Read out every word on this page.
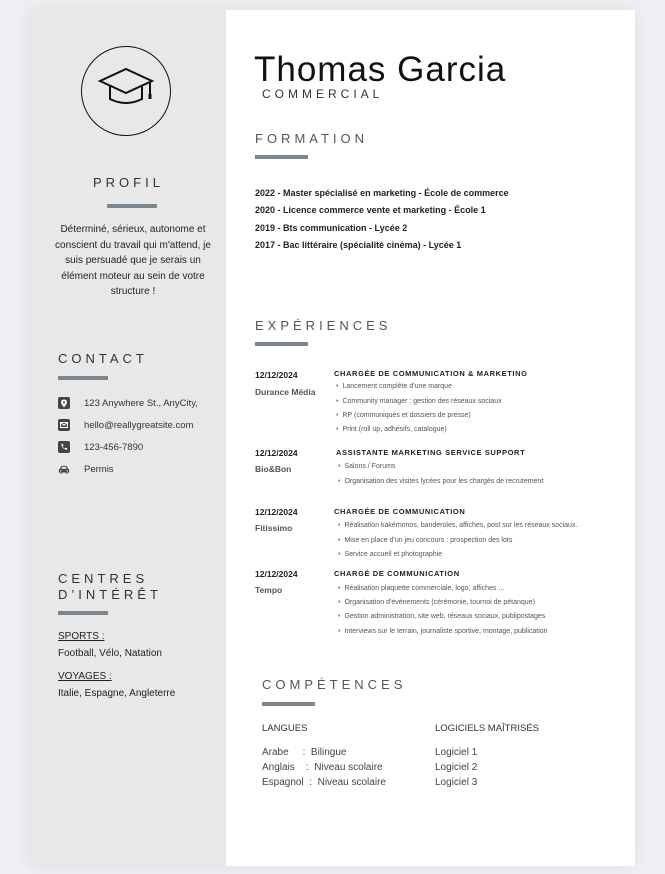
PROFIL
Déterminé, sérieux, autonome et conscient du travail qui m'attend, je suis persuadé que je serais un élément moteur au sein de votre structure !
CONTACT
123 Anywhere St., AnyCity,
hello@reallygreatsite.com
123-456-7890
Permis
CENTRES
D’INTÉRÊT
SPORTS :
Football, Vélo, Natation
VOYAGES :
Italie, Espagne, Angleterre
Thomas Garcia
COMMERCIAL
FORMATION
2022 - Master spécialisé en marketing - École de commerce
2020 - Licence commerce vente et marketing - École 1
2019 - Bts communication - Lycée 2
2017 - Bac littéraire (spécialité cinéma) - Lycée 1
EXPÉRIENCES
12/12/2024
Durance Média
CHARGÉE DE COMMUNICATION & MARKETING
• Lancement complète d'une marque
• Community manager : gestion des réseaux sociaux
• RP (communiqués et dossiers de presse)
• Print (roll up, adhésifs, catalogue)
12/12/2024
Bio&Bon
ASSISTANTE MARKETING SERVICE SUPPORT
• Salons / Forums
• Organisation des visites lycées pour les chargés de recrutement
12/12/2024
Fitissimo
CHARGÉE DE COMMUNICATION
• Réalisation kakémonos, banderoles, affiches, post sur les réseaux sociaux.
• Mise en place d'un jeu concours : prospection des lots
• Service accueil et photographie
12/12/2024
Tempo
CHARGÉ DE COMMUNICATION
• Réalisation plaquette commerciale, logo, affiches ...
• Organisation d'événements (cérémonie, tournoi de pétanque)
• Gestion administration, site web, réseaux sociaux, publipostages
• Interviews sur le terrain, journaliste sportive, montage, publication
COMPÉTENCES
LANGUES
Arabe     :  Bilingue
Anglais    :  Niveau scolaire
Espagnol  :  Niveau scolaire
LOGICIELS MAÎTRISÉS
Logiciel 1
Logiciel 2
Logiciel 3
